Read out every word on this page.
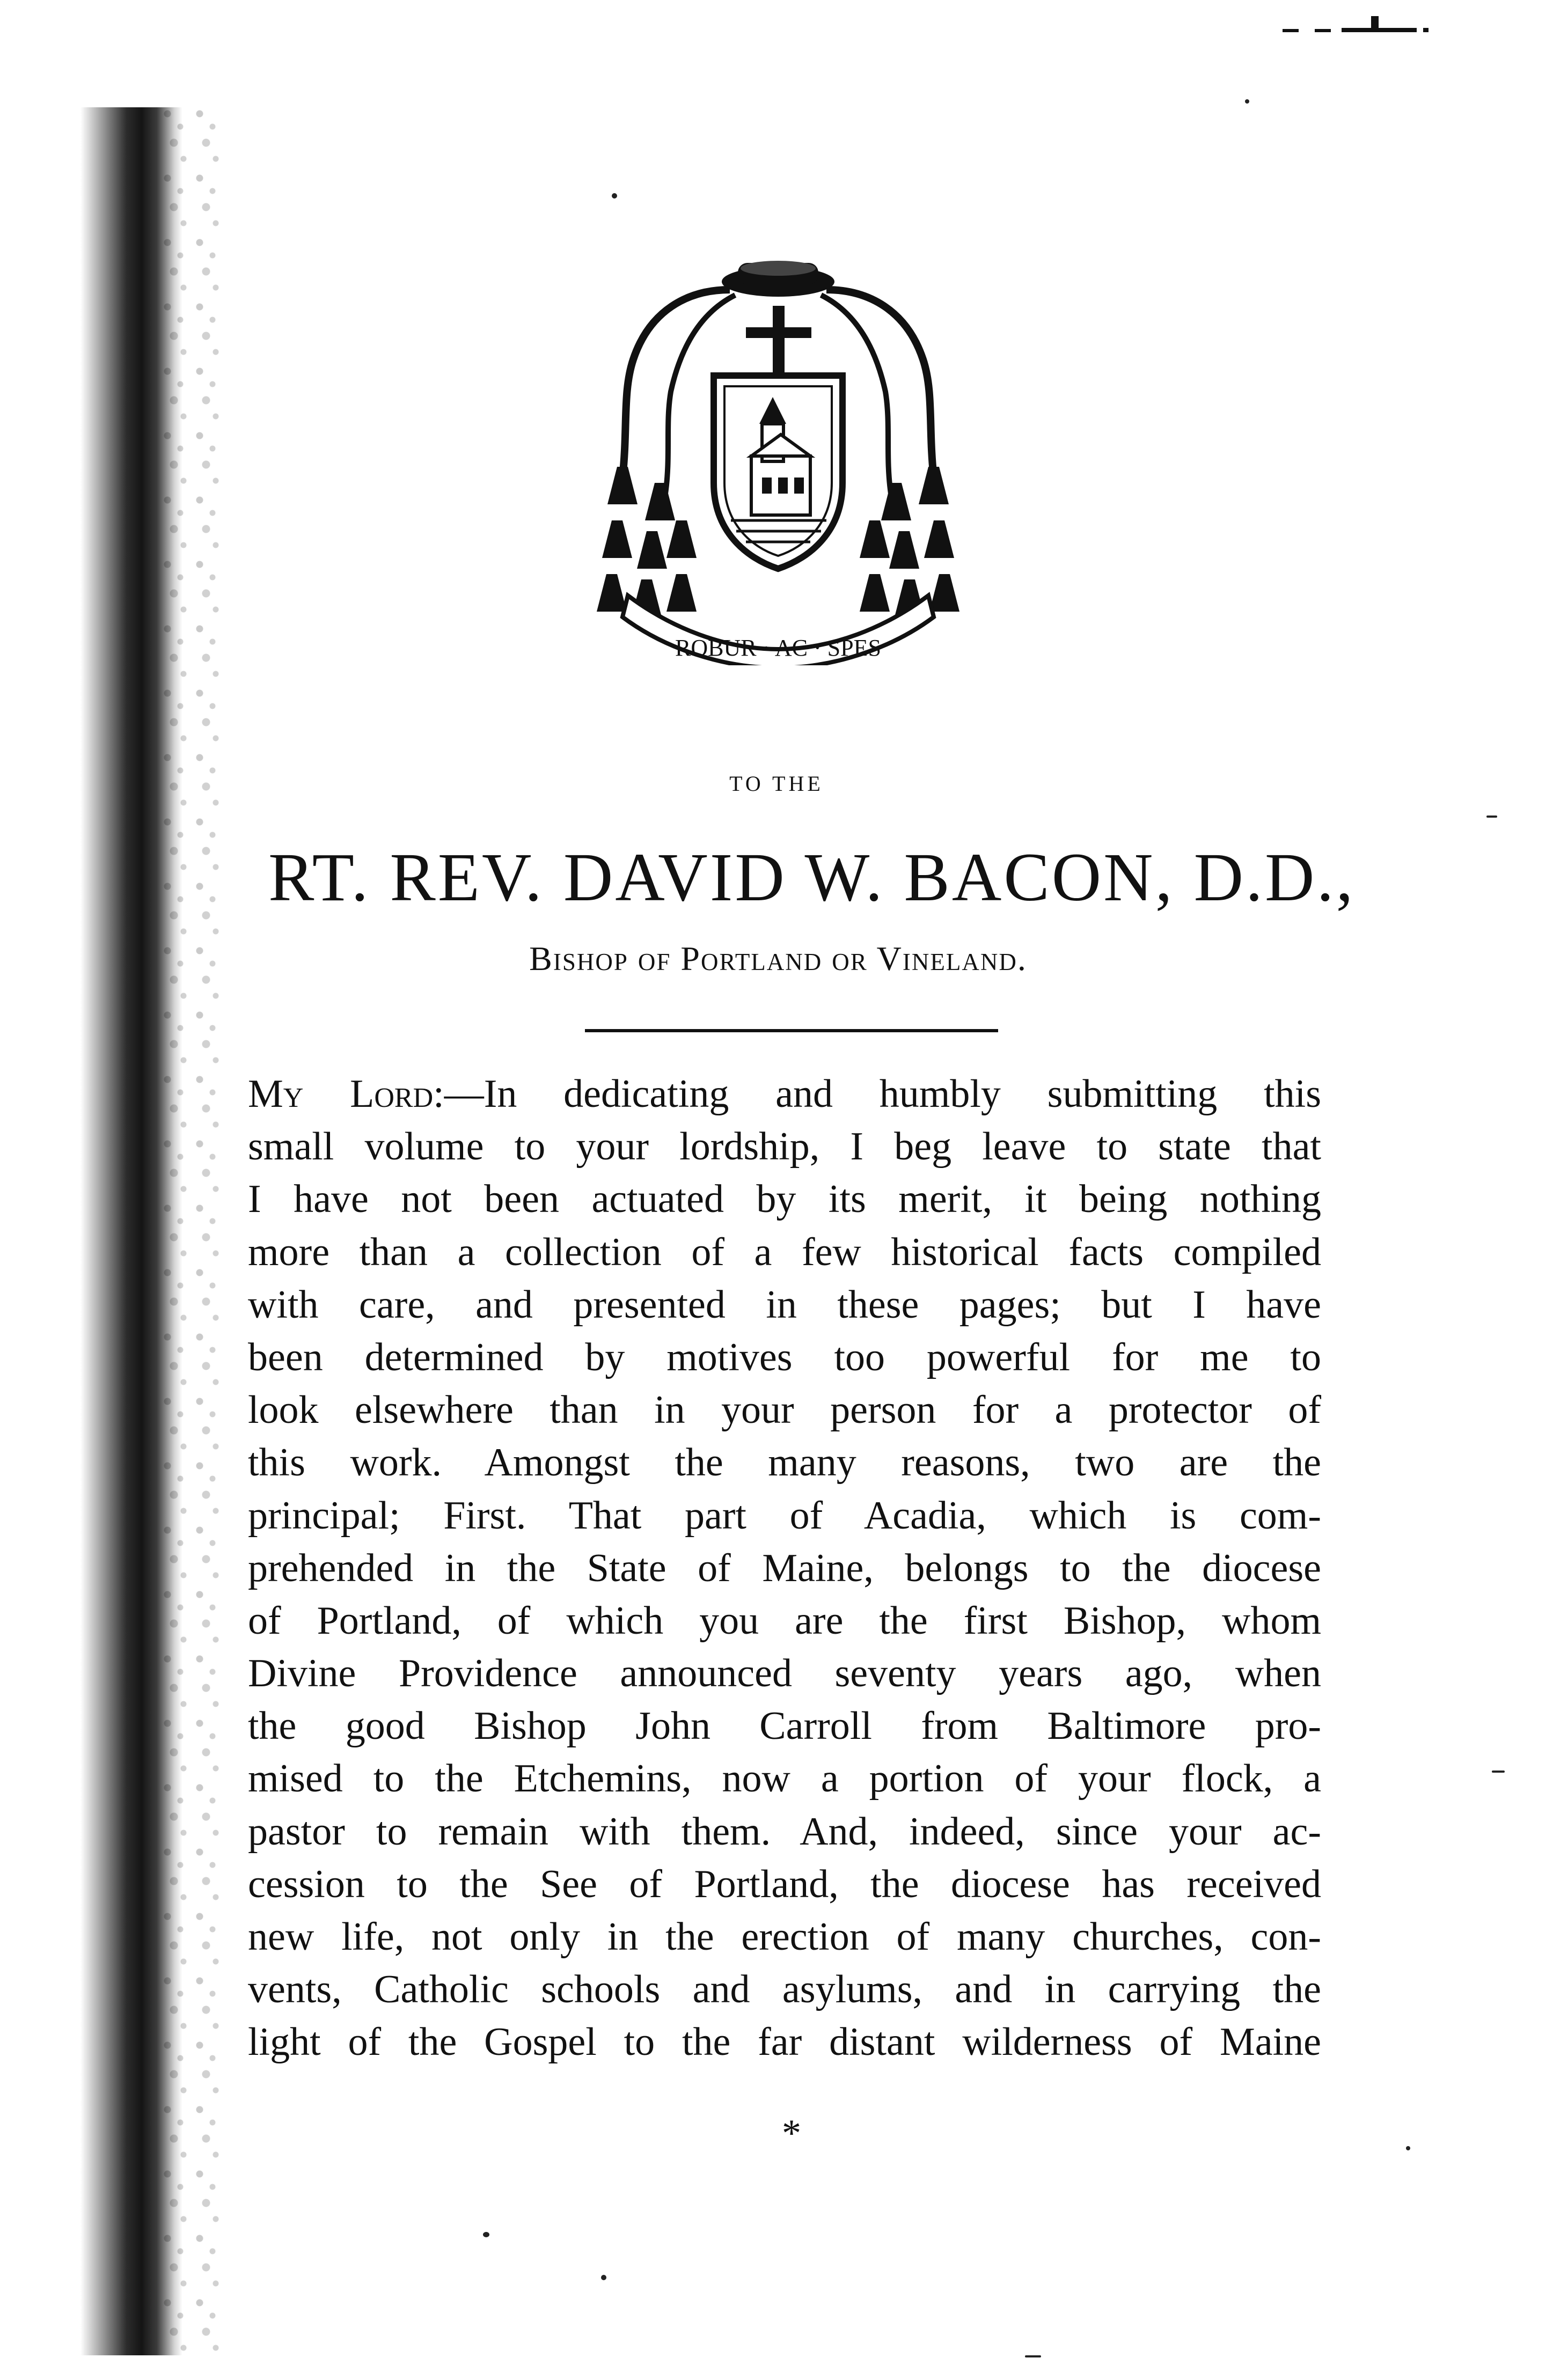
ROBUR · AC · SPES
TO THE
RT. REV. DAVID W. BACON, D.D.,
Bishop of Portland or Vineland.
My Lord:—In dedicating and humbly submitting this
small volume to your lordship, I beg leave to state that
I have not been actuated by its merit, it being nothing
more than a collection of a few historical facts compiled
with care, and presented in these pages; but I have
been determined by motives too powerful for me to
look elsewhere than in your person for a protector of
this work. Amongst the many reasons, two are the
principal; First. That part of Acadia, which is com-
prehended in the State of Maine, belongs to the diocese
of Portland, of which you are the first Bishop, whom
Divine Providence announced seventy years ago, when
the good Bishop John Carroll from Baltimore pro-
mised to the Etchemins, now a portion of your flock, a
pastor to remain with them. And, indeed, since your ac-
cession to the See of Portland, the diocese has received
new life, not only in the erection of many churches, con-
vents, Catholic schools and asylums, and in carrying the
light of the Gospel to the far distant wilderness of Maine
*
